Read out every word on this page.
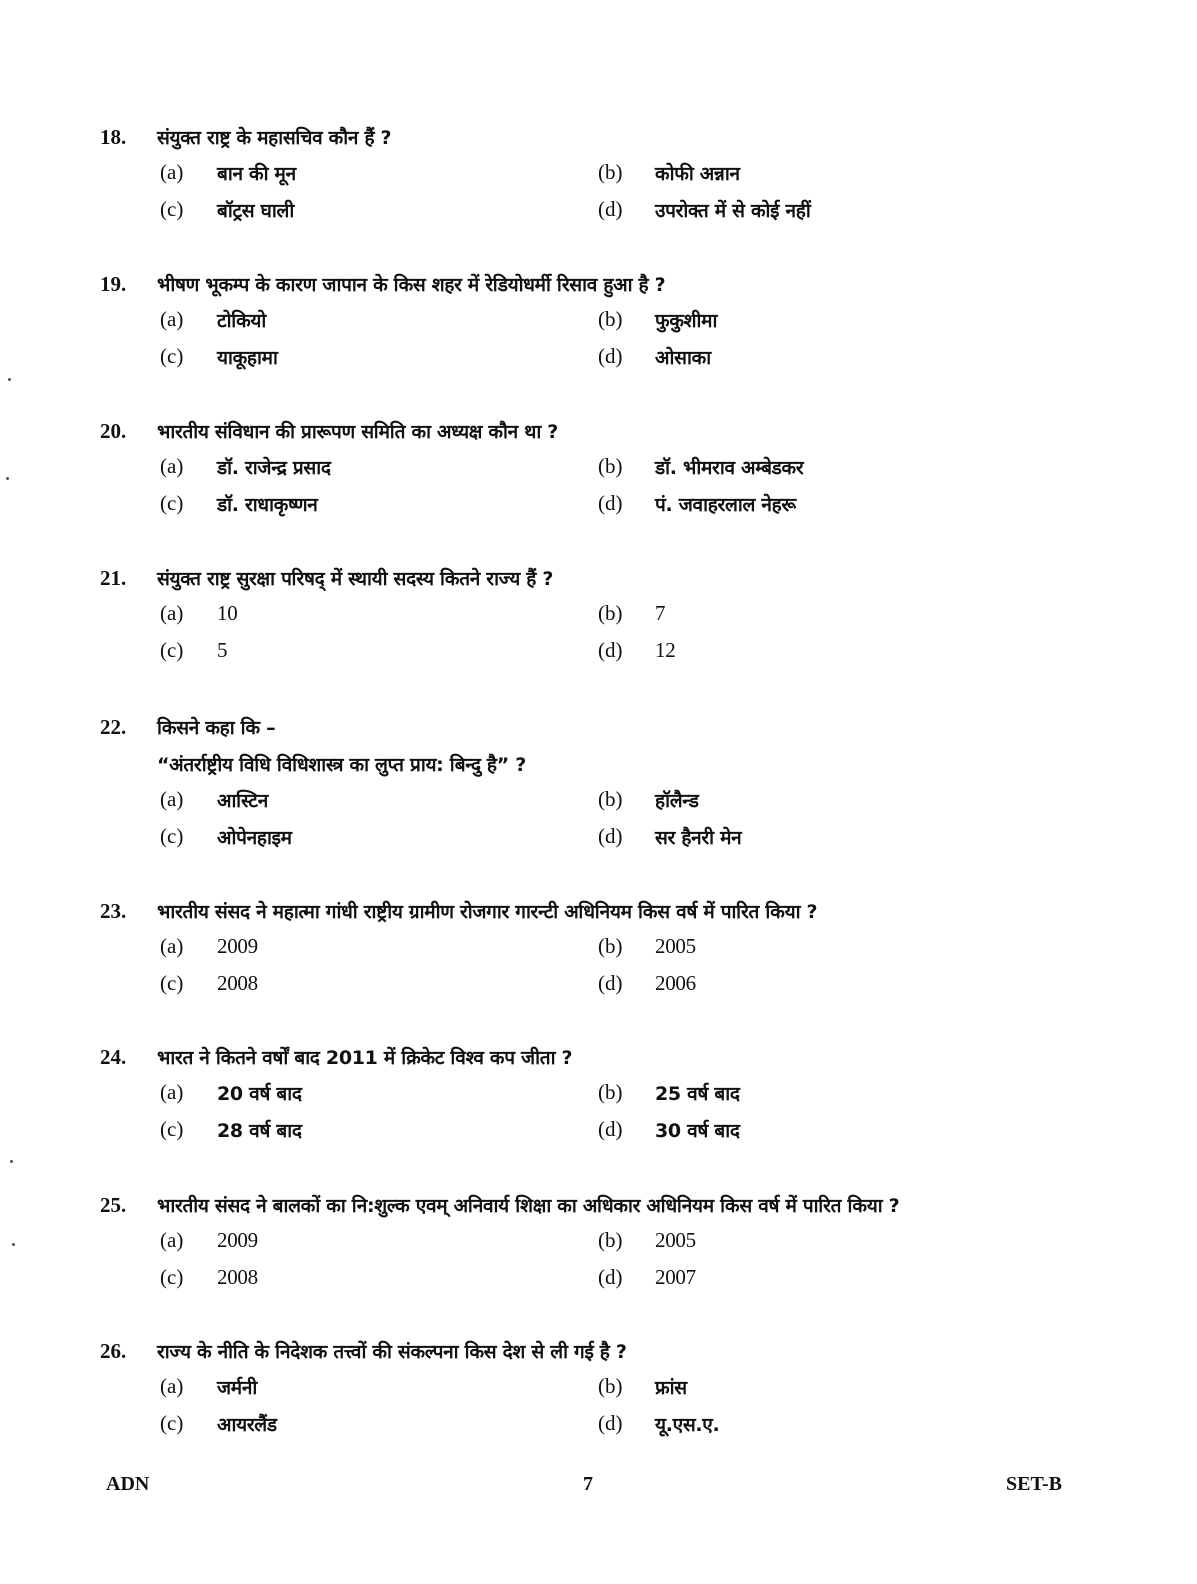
18. संयुक्त राष्ट्र के महासचिव कौन हैं ?
(a) बान की मून	(b) कोफी अन्नान
(c) बॉट्रस घाली	(d) उपरोक्त में से कोई नहीं
19. भीषण भूकम्प के कारण जापान के किस शहर में रेडियोधर्मी रिसाव हुआ है ?
(a) टोकियो	(b) फुकुशीमा
(c) याकूहामा	(d) ओसाका
20. भारतीय संविधान की प्रारूपण समिति का अध्यक्ष कौन था ?
(a) डॉ. राजेन्द्र प्रसाद	(b) डॉ. भीमराव अम्बेडकर
(c) डॉ. राधाकृष्णन	(d) पं. जवाहरलाल नेहरू
21. संयुक्त राष्ट्र सुरक्षा परिषद् में स्थायी सदस्य कितने राज्य हैं ?
(a) 10	(b) 7
(c) 5	(d) 12
22. किसने कहा कि –
“अंतर्राष्ट्रीय विधि विधिशास्त्र का लुप्त प्राय: बिन्दु है” ?
(a) आस्टिन	(b) हॉलैन्ड
(c) ओपेनहाइम	(d) सर हैनरी मेन
23. भारतीय संसद ने महात्मा गांधी राष्ट्रीय ग्रामीण रोजगार गारन्टी अधिनियम किस वर्ष में पारित किया ?
(a) 2009	(b) 2005
(c) 2008	(d) 2006
24. भारत ने कितने वर्षों बाद 2011 में क्रिकेट विश्व कप जीता ?
(a) 20 वर्ष बाद	(b) 25 वर्ष बाद
(c) 28 वर्ष बाद	(d) 30 वर्ष बाद
25. भारतीय संसद ने बालकों का नि:शुल्क एवम् अनिवार्य शिक्षा का अधिकार अधिनियम किस वर्ष में पारित किया ?
(a) 2009	(b) 2005
(c) 2008	(d) 2007
26. राज्य के नीति के निदेशक तत्त्वों की संकल्पना किस देश से ली गई है ?
(a) जर्मनी	(b) फ्रांस
(c) आयरलैंड	(d) यू.एस.ए.
ADN	7	SET-B
